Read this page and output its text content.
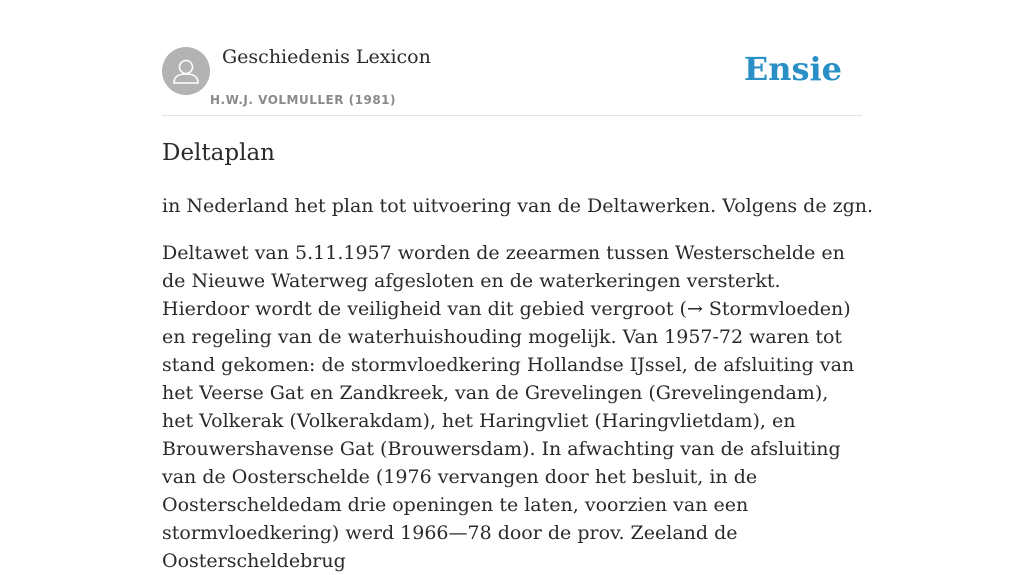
Geschiedenis Lexicon
H.W.J. VOLMULLER (1981)
Ensie
Deltaplan

in Nederland het plan tot uitvoering van de Deltawerken. Volgens de zgn.

Deltawet van 5.11.1957 worden de zeearmen tussen Westerschelde en de Nieuwe Waterweg afgesloten en de waterkeringen versterkt. Hierdoor wordt de veiligheid van dit gebied vergroot (→ Stormvloeden) en regeling van de waterhuishouding mogelijk. Van 1957-72 waren tot stand gekomen: de stormvloedkering Hollandse IJssel, de afsluiting van het Veerse Gat en Zandkreek, van de Grevelingen (Grevelingendam), het Volkerak (Volkerakdam), het Haringvliet (Haringvlietdam), en Brouwershavense Gat (Brouwersdam). In afwachting van de afsluiting van de Oosterschelde (1976 vervangen door het besluit, in de Oosterscheldedam drie openingen te laten, voorzien van een stormvloedkering) werd 1966—78 door de prov. Zeeland de Oosterscheldebrug
